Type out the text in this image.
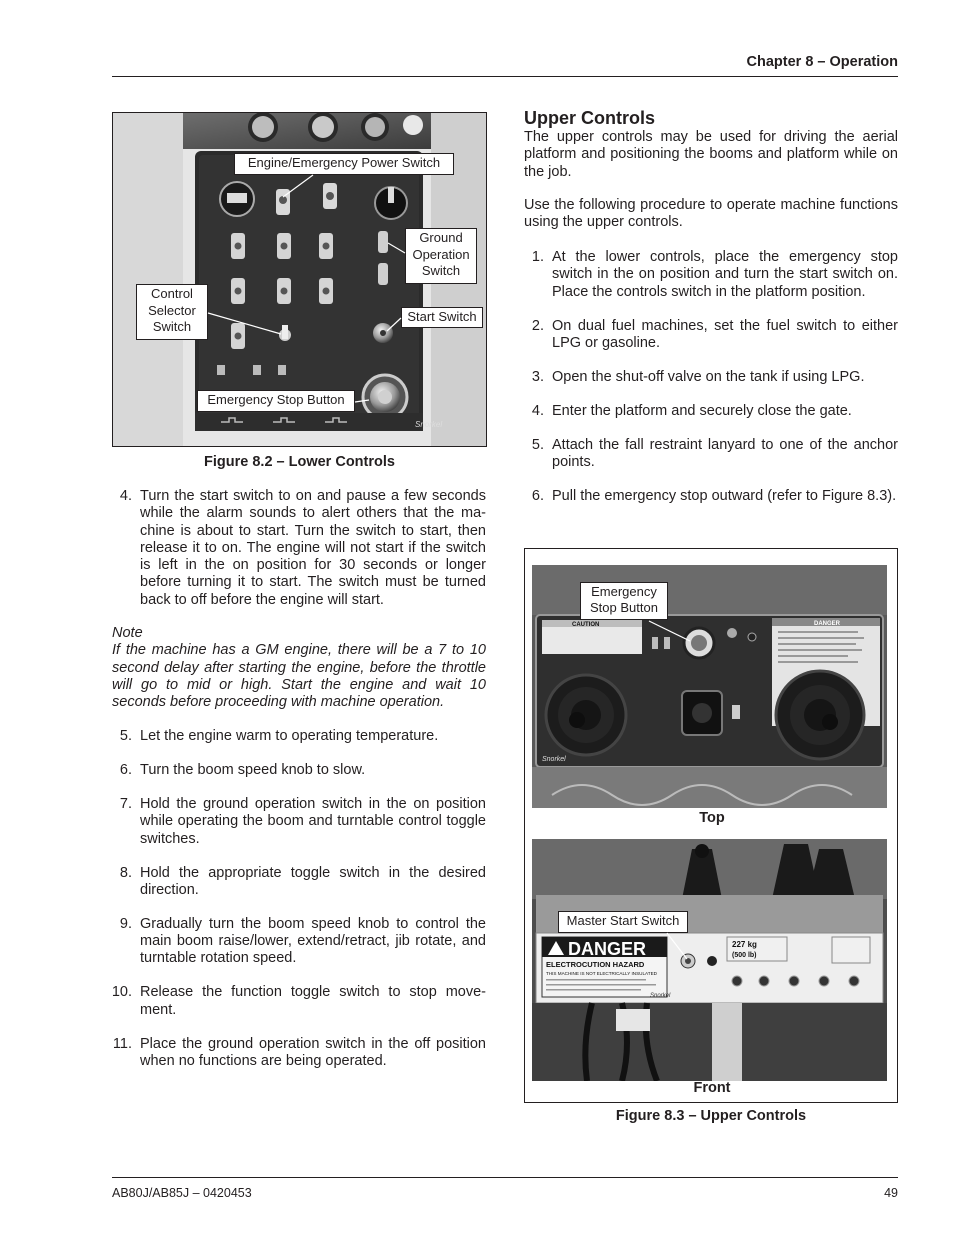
Chapter 8 – Operation
Snorkel
Engine/Emergency Power Switch
Ground
Operation
Switch
Control
Selector
Switch
Start Switch
Emergency Stop Button
Figure 8.2 – Lower Controls
4. Turn the start switch to on and pause a few seconds while the alarm sounds to alert others that the ma-chine is about to start. Turn the switch to start, then release it to on. The engine will not start if the switch is left in the on position for 30 seconds or longer before turning it to start. The switch must be turned back to off before the engine will start.
Note
If the machine has a GM engine, there will be a 7 to 10 second delay after starting the engine, before the throttle will go to mid or high. Start the engine and wait 10 seconds before proceeding with machine operation.
5. Let the engine warm to operating temperature.
6. Turn the boom speed knob to slow.
7. Hold the ground operation switch in the on position while operating the boom and turntable control toggle switches.
8. Hold the appropriate toggle switch in the desired direction.
9. Gradually turn the boom speed knob to control the main boom raise/lower, extend/retract, jib rotate, and turntable rotation speed.
10. Release the function toggle switch to stop move-ment.
11. Place the ground operation switch in the off position when no functions are being operated.
Upper Controls
The upper controls may be used for driving the aerial platform and positioning the booms and platform while on the job.
Use the following procedure to operate machine functions using the upper controls.
1. At the lower controls, place the emergency stop switch in the on position and turn the start switch on. Place the controls switch in the platform position.
2. On dual fuel machines, set the fuel switch to either LPG or gasoline.
3. Open the shut-off valve on the tank if using LPG.
4. Enter the platform and securely close the gate.
5. Attach the fall restraint lanyard to one of the anchor points.
6. Pull the emergency stop outward (refer to Figure 8.3).
CAUTION	DANGER
Snorkel
Emergency
Stop Button
Top
DANGER
ELECTROCUTION HAZARD
THIS MACHINE IS NOT ELECTRICALLY INSULATED
227 kg
(500 lb)
Snorkel
Master Start Switch
Front
Figure 8.3 – Upper Controls
AB80J/AB85J – 0420453	49
